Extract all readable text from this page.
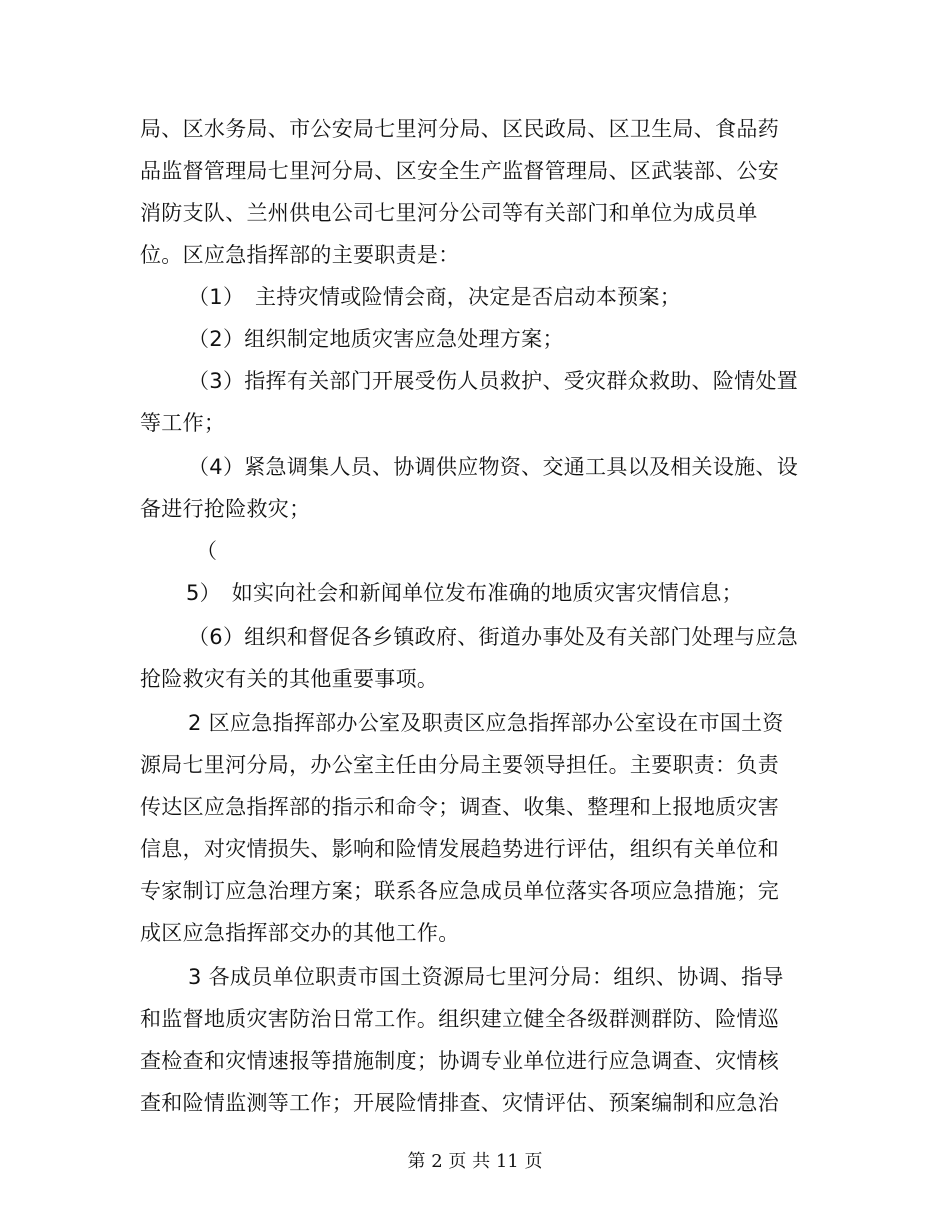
局、区水务局、市公安局七里河分局、区民政局、区卫生局、食品药
品监督管理局七里河分局、区安全生产监督管理局、区武装部、公安
消防支队、兰州供电公司七里河分公司等有关部门和单位为成员单
位。区应急指挥部的主要职责是：
（1）　主持灾情或险情会商，决定是否启动本预案；
（2）组织制定地质灾害应急处理方案；
（3）指挥有关部门开展受伤人员救护、受灾群众救助、险情处置
等工作；
（4）紧急调集人员、协调供应物资、交通工具以及相关设施、设
备进行抢险救灾；
（
5）　如实向社会和新闻单位发布准确的地质灾害灾情信息；
（6）组织和督促各乡镇政府、街道办事处及有关部门处理与应急
抢险救灾有关的其他重要事项。
2 区应急指挥部办公室及职责区应急指挥部办公室设在市国土资
源局七里河分局，办公室主任由分局主要领导担任。主要职责：负责
传达区应急指挥部的指示和命令；调查、收集、整理和上报地质灾害
信息，对灾情损失、影响和险情发展趋势进行评估，组织有关单位和
专家制订应急治理方案；联系各应急成员单位落实各项应急措施；完
成区应急指挥部交办的其他工作。
3 各成员单位职责市国土资源局七里河分局：组织、协调、指导
和监督地质灾害防治日常工作。组织建立健全各级群测群防、险情巡
查检查和灾情速报等措施制度；协调专业单位进行应急调查、灾情核
查和险情监测等工作；开展险情排查、灾情评估、预案编制和应急治
第 2 页 共 11 页
